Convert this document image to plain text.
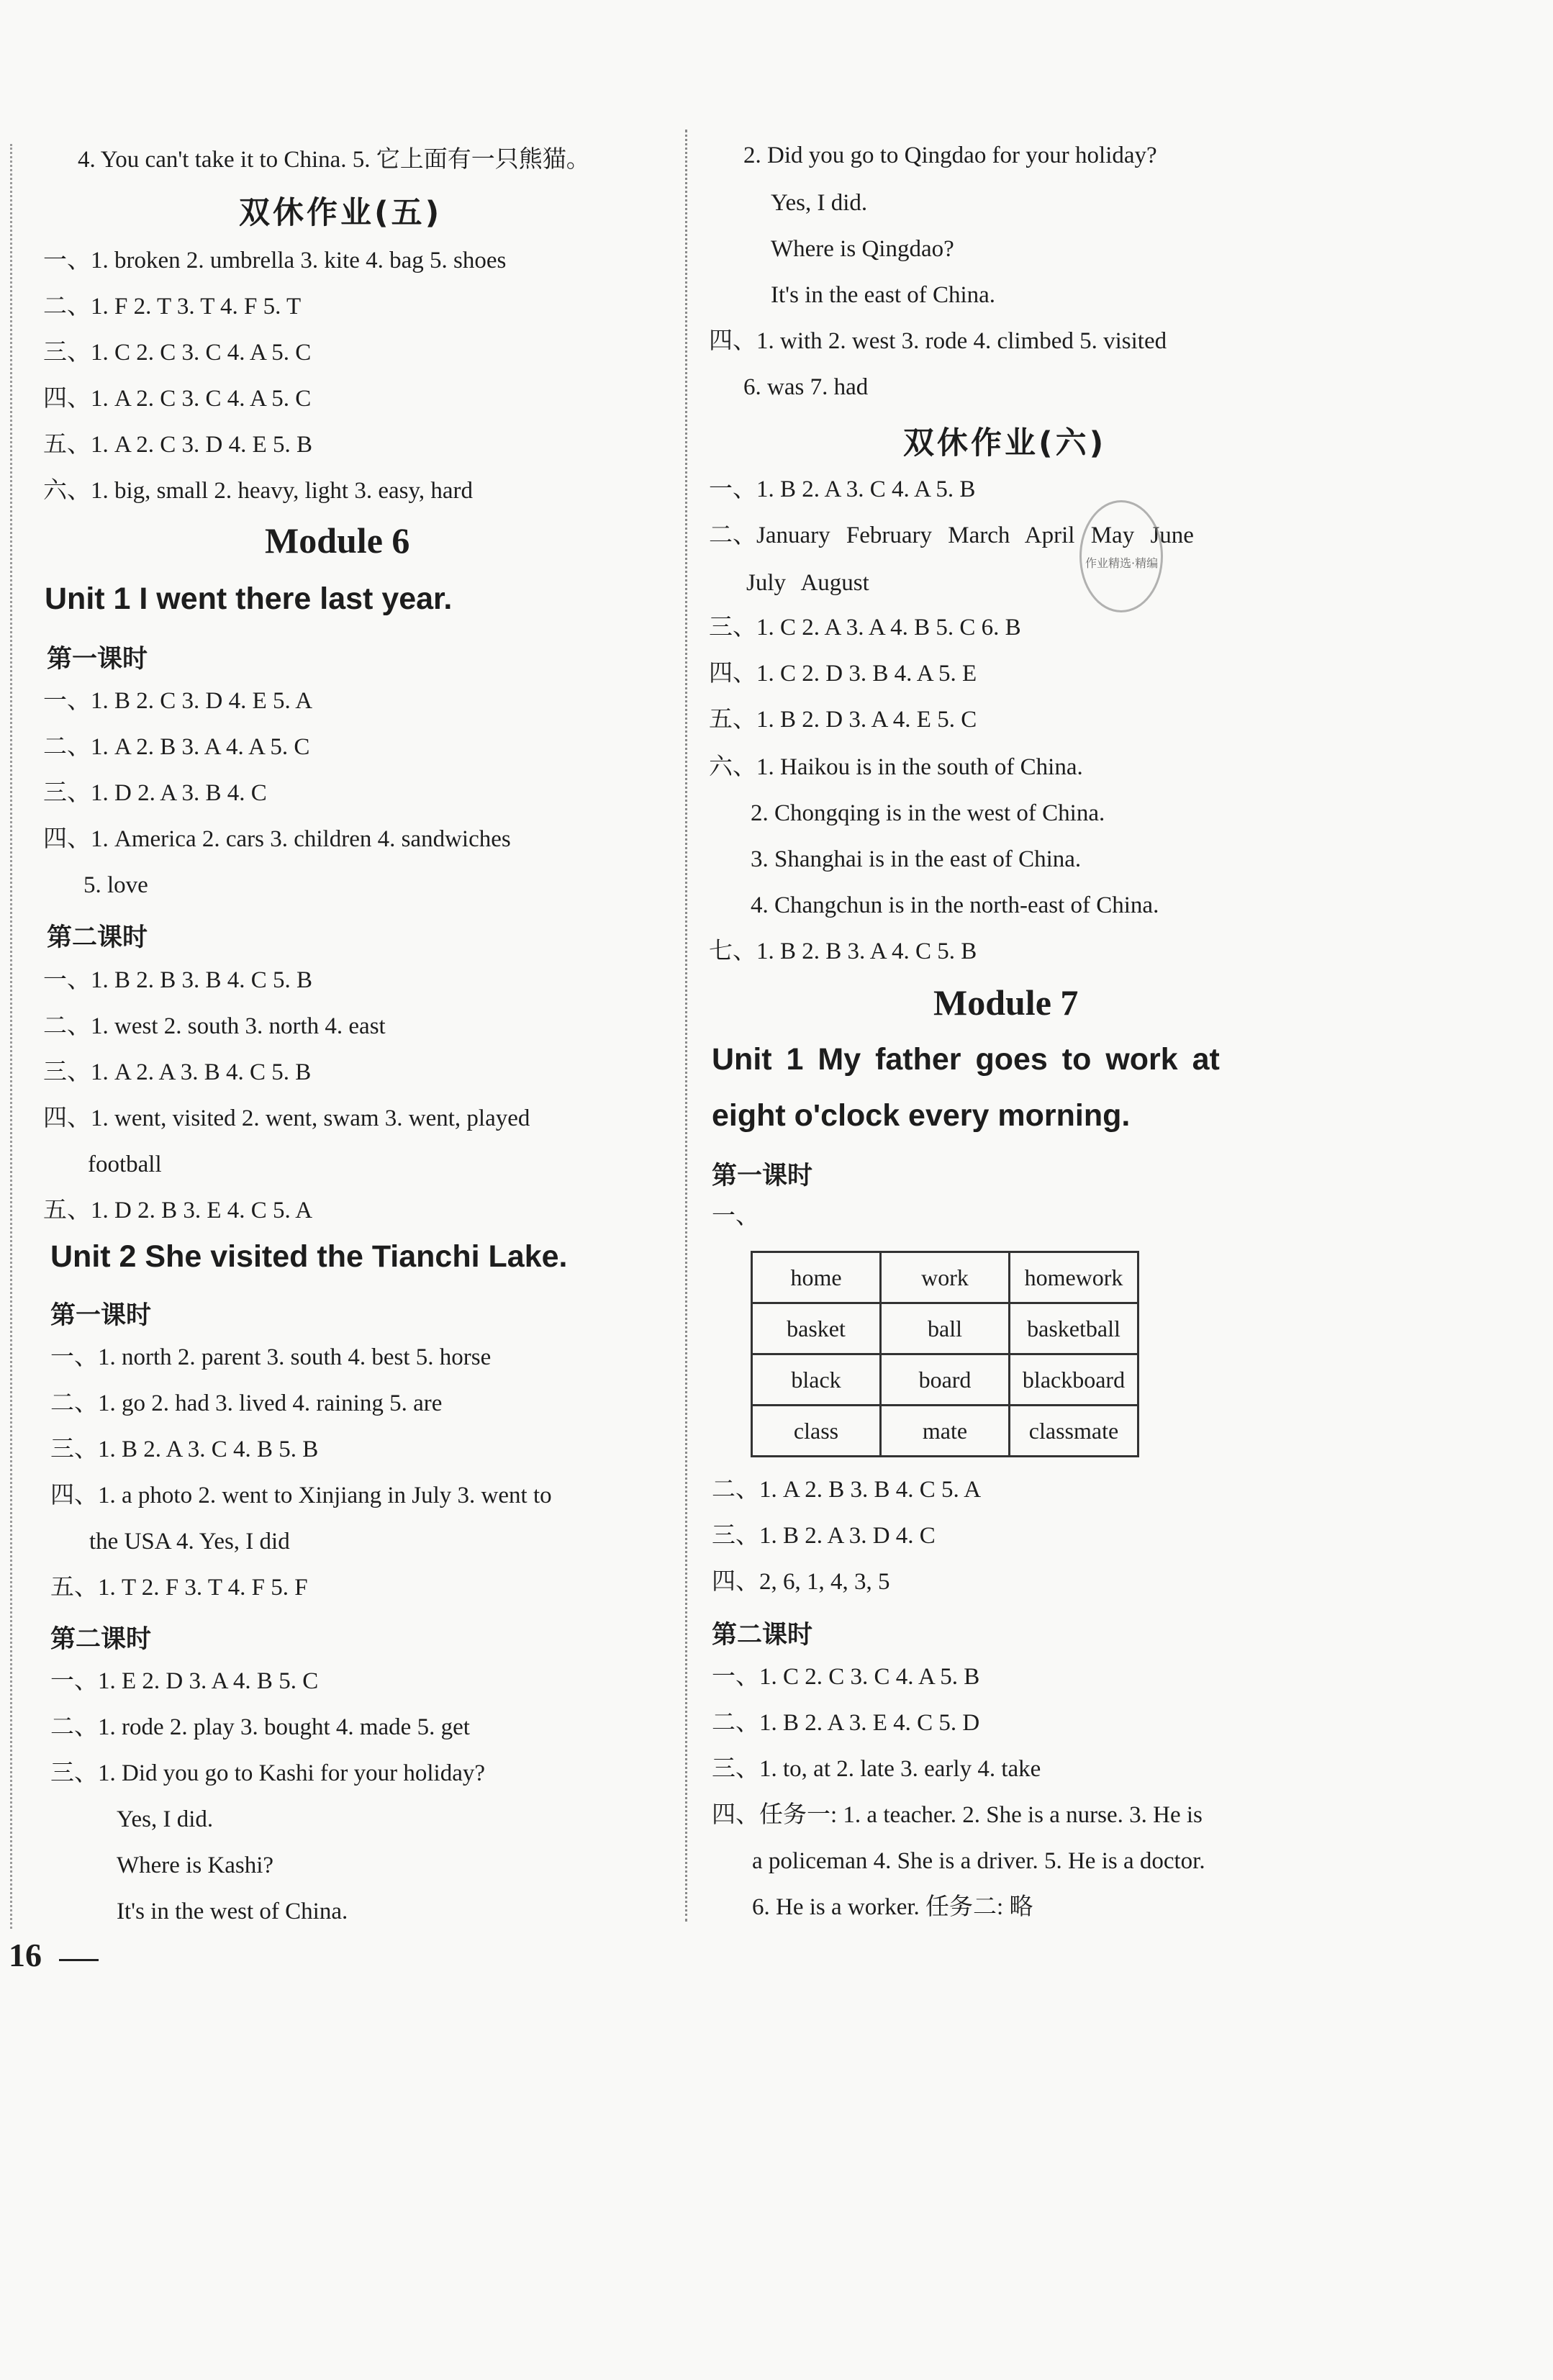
4. You can't take it to China. 5. 它上面有一只熊猫。
双休作业(五)
一、1. broken 2. umbrella 3. kite 4. bag 5. shoes
二、1. F 2. T 3. T 4. F 5. T
三、1. C 2. C 3. C 4. A 5. C
四、1. A 2. C 3. C 4. A 5. C
五、1. A 2. C 3. D 4. E 5. B
六、1. big, small 2. heavy, light 3. easy, hard
Module 6
Unit 1 I went there last year.
第一课时
一、1. B 2. C 3. D 4. E 5. A
二、1. A 2. B 3. A 4. A 5. C
三、1. D 2. A 3. B 4. C
四、1. America 2. cars 3. children 4. sandwiches
5. love
第二课时
一、1. B 2. B 3. B 4. C 5. B
二、1. west 2. south 3. north 4. east
三、1. A 2. A 3. B 4. C 5. B
四、1. went, visited 2. went, swam 3. went, played
football
五、1. D 2. B 3. E 4. C 5. A
Unit 2 She visited the Tianchi Lake.
第一课时
一、1. north 2. parent 3. south 4. best 5. horse
二、1. go 2. had 3. lived 4. raining 5. are
三、1. B 2. A 3. C 4. B 5. B
四、1. a photo 2. went to Xinjiang in July 3. went to
the USA 4. Yes, I did
五、1. T 2. F 3. T 4. F 5. F
第二课时
一、1. E 2. D 3. A 4. B 5. C
二、1. rode 2. play 3. bought 4. made 5. get
三、1. Did you go to Kashi for your holiday?
Yes, I did.
Where is Kashi?
It's in the west of China.
2. Did you go to Qingdao for your holiday?
Yes, I did.
Where is Qingdao?
It's in the east of China.
四、1. with 2. west 3. rode 4. climbed 5. visited
6. was 7. had
双休作业(六)
一、1. B 2. A 3. C 4. A 5. B
二、January February March April May June
July August
三、1. C 2. A 3. A 4. B 5. C 6. B
四、1. C 2. D 3. B 4. A 5. E
五、1. B 2. D 3. A 4. E 5. C
六、1. Haikou is in the south of China.
2. Chongqing is in the west of China.
3. Shanghai is in the east of China.
4. Changchun is in the north-east of China.
七、1. B 2. B 3. A 4. C 5. B
Module 7
Unit 1 My father goes to work at
eight o'clock every morning.
第一课时
一、
home	work	homework
basket	ball	basketball
black	board	blackboard
class	mate	classmate
二、1. A 2. B 3. B 4. C 5. A
三、1. B 2. A 3. D 4. C
四、2, 6, 1, 4, 3, 5
第二课时
一、1. C 2. C 3. C 4. A 5. B
二、1. B 2. A 3. E 4. C 5. D
三、1. to, at 2. late 3. early 4. take
四、任务一: 1. a teacher. 2. She is a nurse. 3. He is
a policeman 4. She is a driver. 5. He is a doctor.
6. He is a worker. 任务二: 略
作业精选·精编
16
